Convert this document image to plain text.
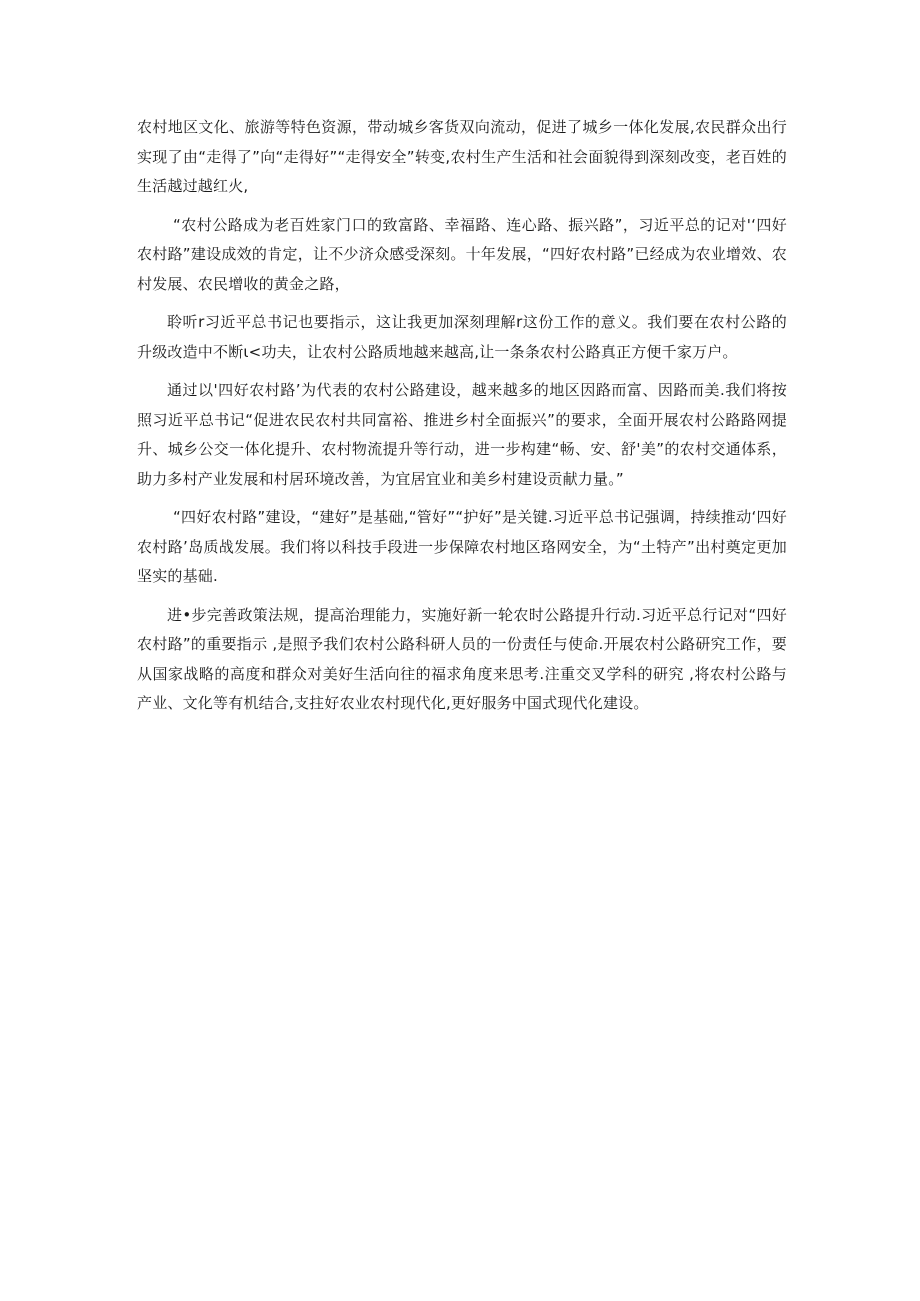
农村地区文化、旅游等特色资源，带动城乡客货双向流动，促进了城乡一体化发展,农民群众出行实现了由“走得了”向“走得好”“走得安全”转变,农村生产生活和社会面貌得到深刻改变，老百姓的生活越过越红火,

“农村公路成为老百姓家门口的致富路、幸福路、连心路、振兴路”，习近平总的记对'‘四好农村路”建设成效的肯定，让不少济众感受深刻。十年发展，“四好农村路”已经成为农业增效、农村发展、农民增收的黄金之路，

聆听r习近平总书记也要指示，这让我更加深刻理解r这份工作的意义。我们要在农村公路的升级改造中不断ι<功夫，让农村公路质地越来越高,让一条条农村公路真正方便千家万户。

通过以'四好农村路’为代表的农村公路建设，越来越多的地区因路而富、因路而美.我们将按照习近平总书记“促进农民农村共同富裕、推进乡村全面振兴”的要求，全面开展农村公路路网提升、城乡公交一体化提升、农村物流提升等行动，进一步构建“畅、安、舒'美”的农村交通体系，助力多村产业发展和村居环境改善，为宜居宜业和美乡村建设贡献力量。”

“四好农村路”建设，“建好”是基础,“管好”“护好”是关键.习近平总书记强调，持续推动‘四好农村路’岛质战发展。我们将以科技手段进一步保障农村地区珞网安全，为“土特产”出村奠定更加坚实的基础.

进•步完善政策法规，提高治理能力，实施好新一轮农时公路提升行动.习近平总行记对“四好农村路”的重要指示 ,是照予我们农村公路科研人员的一份责任与使命.开展农村公路研究工作，要从国家战略的高度和群众对美好生活向往的福求角度来思考.注重交叉学科的研究 ,将农村公路与产业、文化等有机结合,支拄好农业农村现代化,更好服务中国式现代化建设。
